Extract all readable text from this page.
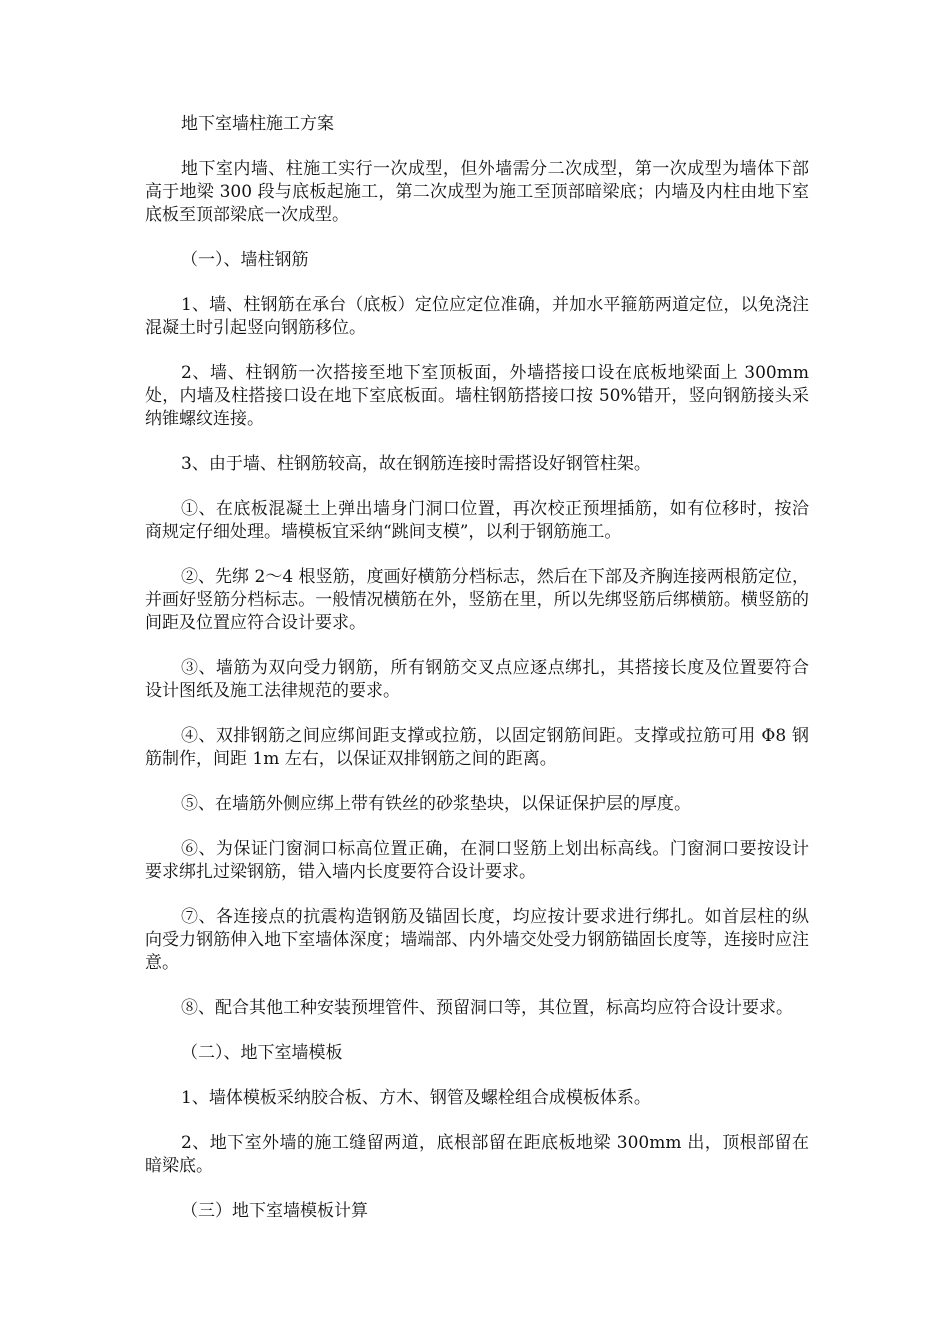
地下室墙柱施工方案

地下室内墙、柱施工实行一次成型，但外墙需分二次成型，第一次成型为墙体下部高于地梁 300 段与底板起施工，第二次成型为施工至顶部暗梁底；内墙及内柱由地下室底板至顶部梁底一次成型。

（一）、墙柱钢筋

1、墙、柱钢筋在承台（底板）定位应定位准确，并加水平箍筋两道定位，以免浇注混凝土时引起竖向钢筋移位。

2、墙、柱钢筋一次搭接至地下室顶板面，外墙搭接口设在底板地梁面上 300mm 处，内墙及柱搭接口设在地下室底板面。墙柱钢筋搭接口按 50%错开，竖向钢筋接头采纳锥螺纹连接。

3、由于墙、柱钢筋较高，故在钢筋连接时需搭设好钢管柱架。

①、在底板混凝土上弹出墙身门洞口位置，再次校正预埋插筋，如有位移时，按洽商规定仔细处理。墙模板宜采纳“跳间支模”，以利于钢筋施工。

②、先绑 2～4 根竖筋，度画好横筋分档标志，然后在下部及齐胸连接两根筋定位，并画好竖筋分档标志。一般情况横筋在外，竖筋在里，所以先绑竖筋后绑横筋。横竖筋的间距及位置应符合设计要求。

③、墙筋为双向受力钢筋，所有钢筋交叉点应逐点绑扎，其搭接长度及位置要符合设计图纸及施工法律规范的要求。

④、双排钢筋之间应绑间距支撑或拉筋，以固定钢筋间距。支撑或拉筋可用 Φ8 钢筋制作，间距 1m 左右，以保证双排钢筋之间的距离。

⑤、在墙筋外侧应绑上带有铁丝的砂浆垫块，以保证保护层的厚度。

⑥、为保证门窗洞口标高位置正确，在洞口竖筋上划出标高线。门窗洞口要按设计要求绑扎过梁钢筋，错入墙内长度要符合设计要求。

⑦、各连接点的抗震构造钢筋及锚固长度，均应按计要求进行绑扎。如首层柱的纵向受力钢筋伸入地下室墙体深度；墙端部、内外墙交处受力钢筋锚固长度等，连接时应注意。

⑧、配合其他工种安装预埋管件、预留洞口等，其位置，标高均应符合设计要求。

（二）、地下室墙模板

1、墙体模板采纳胶合板、方木、钢管及螺栓组合成模板体系。

2、地下室外墙的施工缝留两道，底根部留在距底板地梁 300mm 出，顶根部留在暗梁底。

（三）地下室墙模板计算
